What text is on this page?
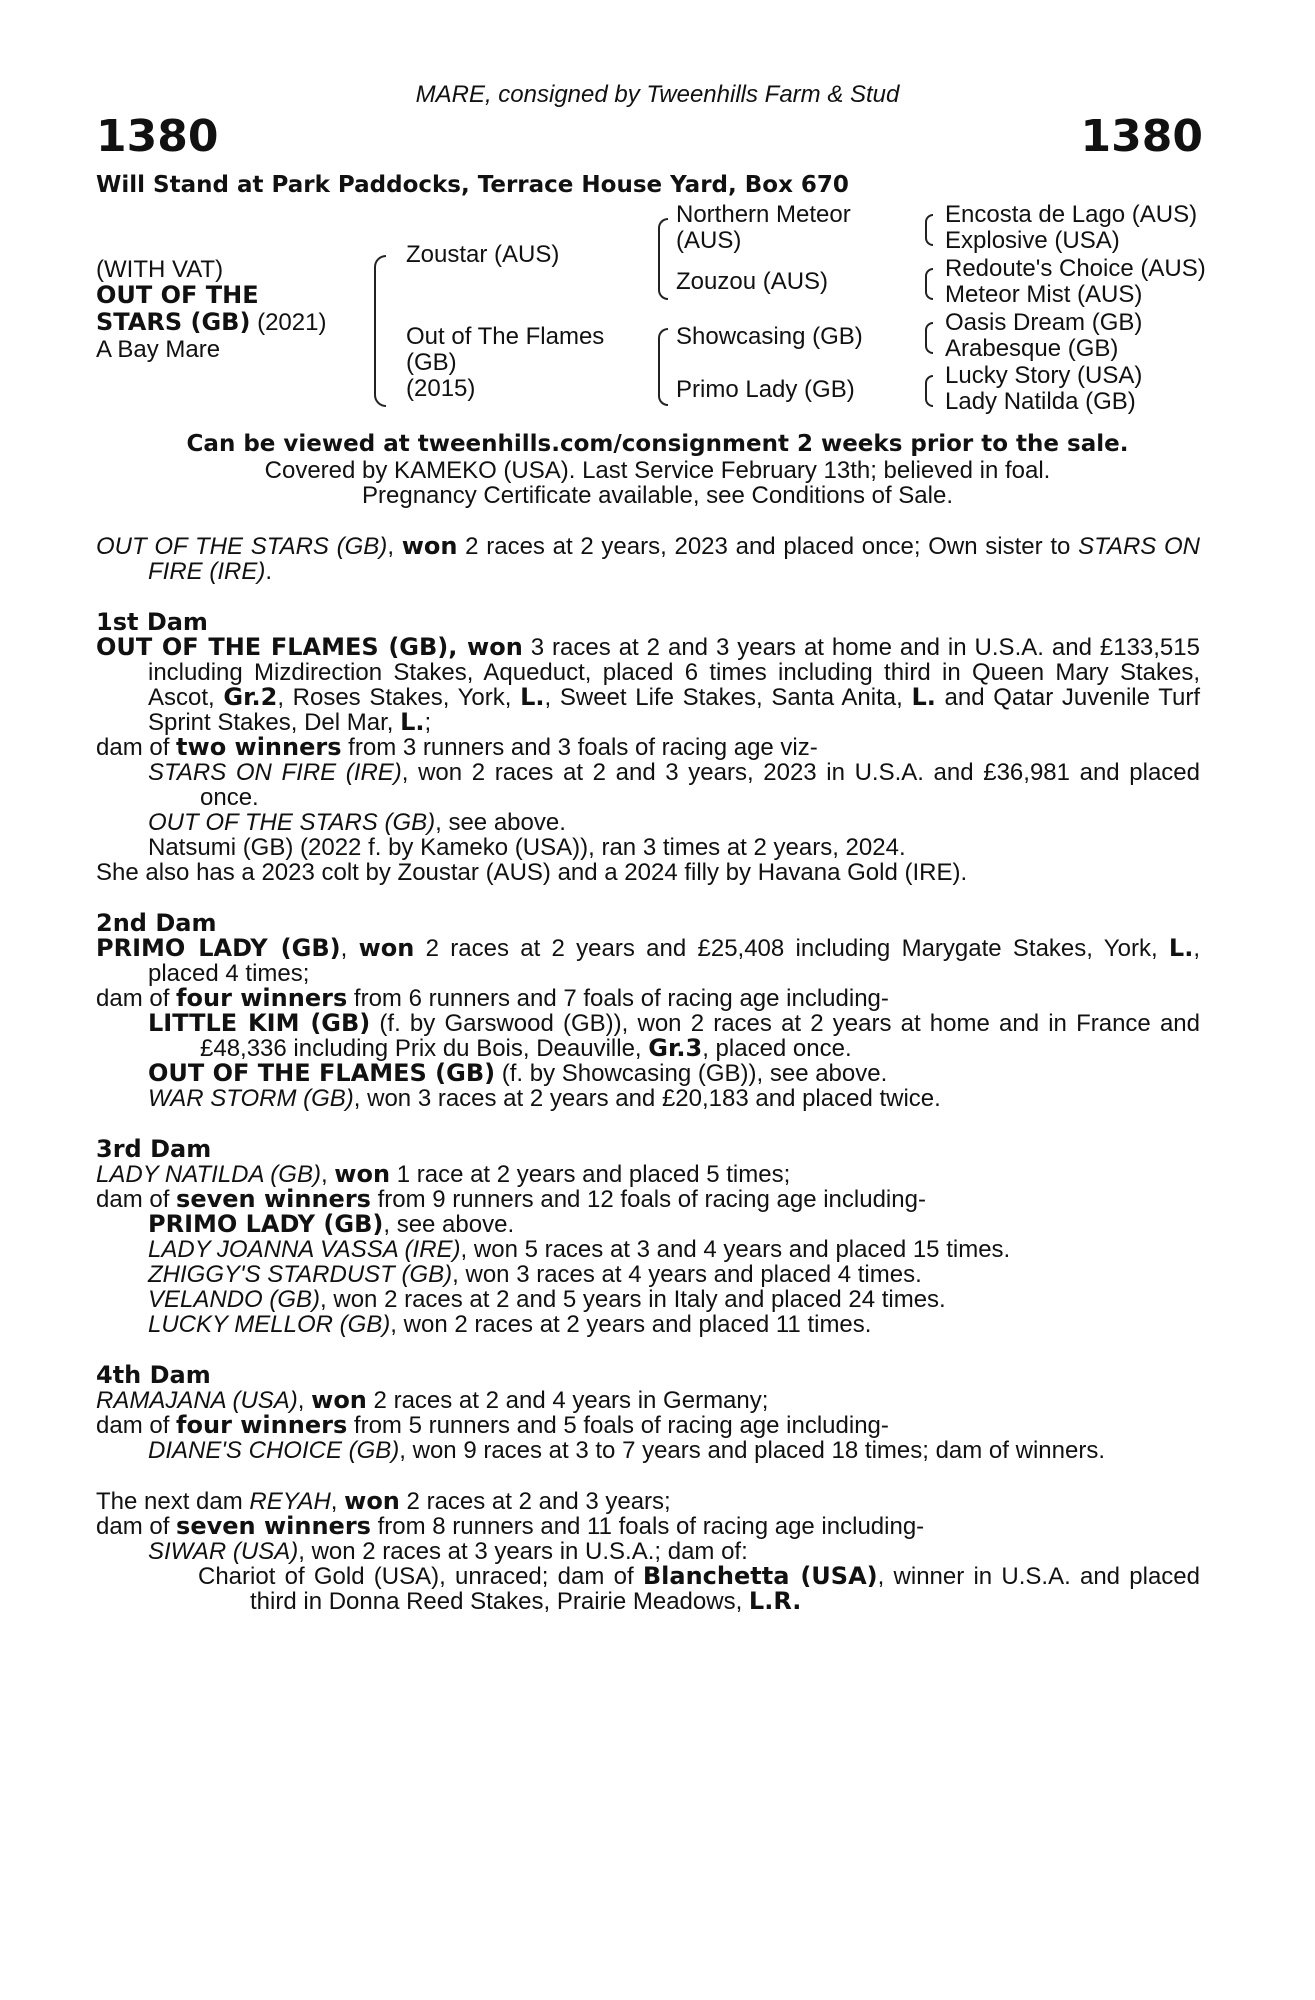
MARE, consigned by Tweenhills Farm & Stud
1380	1380
Will Stand at Park Paddocks, Terrace House Yard, Box 670
(WITH VAT)
OUT OF THE
STARS (GB) (2021)
A Bay Mare
Zoustar (AUS)
Out of The Flames
(GB)
(2015)
Northern Meteor
(AUS)
Zouzou (AUS)
Showcasing (GB)
Primo Lady (GB)
Encosta de Lago (AUS)
Explosive (USA)
Redoute's Choice (AUS)
Meteor Mist (AUS)
Oasis Dream (GB)
Arabesque (GB)
Lucky Story (USA)
Lady Natilda (GB)
Can be viewed at tweenhills.com/consignment 2 weeks prior to the sale.
Covered by KAMEKO (USA). Last Service February 13th; believed in foal.
Pregnancy Certificate available, see Conditions of Sale.

OUT OF THE STARS (GB), won 2 races at 2 years, 2023 and placed once; Own sister to STARS ON FIRE (IRE).

1st Dam

OUT OF THE FLAMES (GB), won 3 races at 2 and 3 years at home and in U.S.A. and £133,515 including Mizdirection Stakes, Aqueduct, placed 6 times including third in Queen Mary Stakes, Ascot, Gr.2, Roses Stakes, York, L., Sweet Life Stakes, Santa Anita, L. and Qatar Juvenile Turf Sprint Stakes, Del Mar, L.;

dam of two winners from 3 runners and 3 foals of racing age viz-

STARS ON FIRE (IRE), won 2 races at 2 and 3 years, 2023 in U.S.A. and £36,981 and placed once.

OUT OF THE STARS (GB), see above.

Natsumi (GB) (2022 f. by Kameko (USA)), ran 3 times at 2 years, 2024.

She also has a 2023 colt by Zoustar (AUS) and a 2024 filly by Havana Gold (IRE).

2nd Dam

PRIMO LADY (GB), won 2 races at 2 years and £25,408 including Marygate Stakes, York, L., placed 4 times;

dam of four winners from 6 runners and 7 foals of racing age including-

LITTLE KIM (GB) (f. by Garswood (GB)), won 2 races at 2 years at home and in France and £48,336 including Prix du Bois, Deauville, Gr.3, placed once.

OUT OF THE FLAMES (GB) (f. by Showcasing (GB)), see above.

WAR STORM (GB), won 3 races at 2 years and £20,183 and placed twice.

3rd Dam

LADY NATILDA (GB), won 1 race at 2 years and placed 5 times;

dam of seven winners from 9 runners and 12 foals of racing age including-

PRIMO LADY (GB), see above.

LADY JOANNA VASSA (IRE), won 5 races at 3 and 4 years and placed 15 times.

ZHIGGY'S STARDUST (GB), won 3 races at 4 years and placed 4 times.

VELANDO (GB), won 2 races at 2 and 5 years in Italy and placed 24 times.

LUCKY MELLOR (GB), won 2 races at 2 years and placed 11 times.

4th Dam

RAMAJANA (USA), won 2 races at 2 and 4 years in Germany;

dam of four winners from 5 runners and 5 foals of racing age including-

DIANE'S CHOICE (GB), won 9 races at 3 to 7 years and placed 18 times; dam of winners.

The next dam REYAH, won 2 races at 2 and 3 years;

dam of seven winners from 8 runners and 11 foals of racing age including-

SIWAR (USA), won 2 races at 3 years in U.S.A.; dam of:

Chariot of Gold (USA), unraced; dam of Blanchetta (USA), winner in U.S.A. and placed third in Donna Reed Stakes, Prairie Meadows, L.R.
